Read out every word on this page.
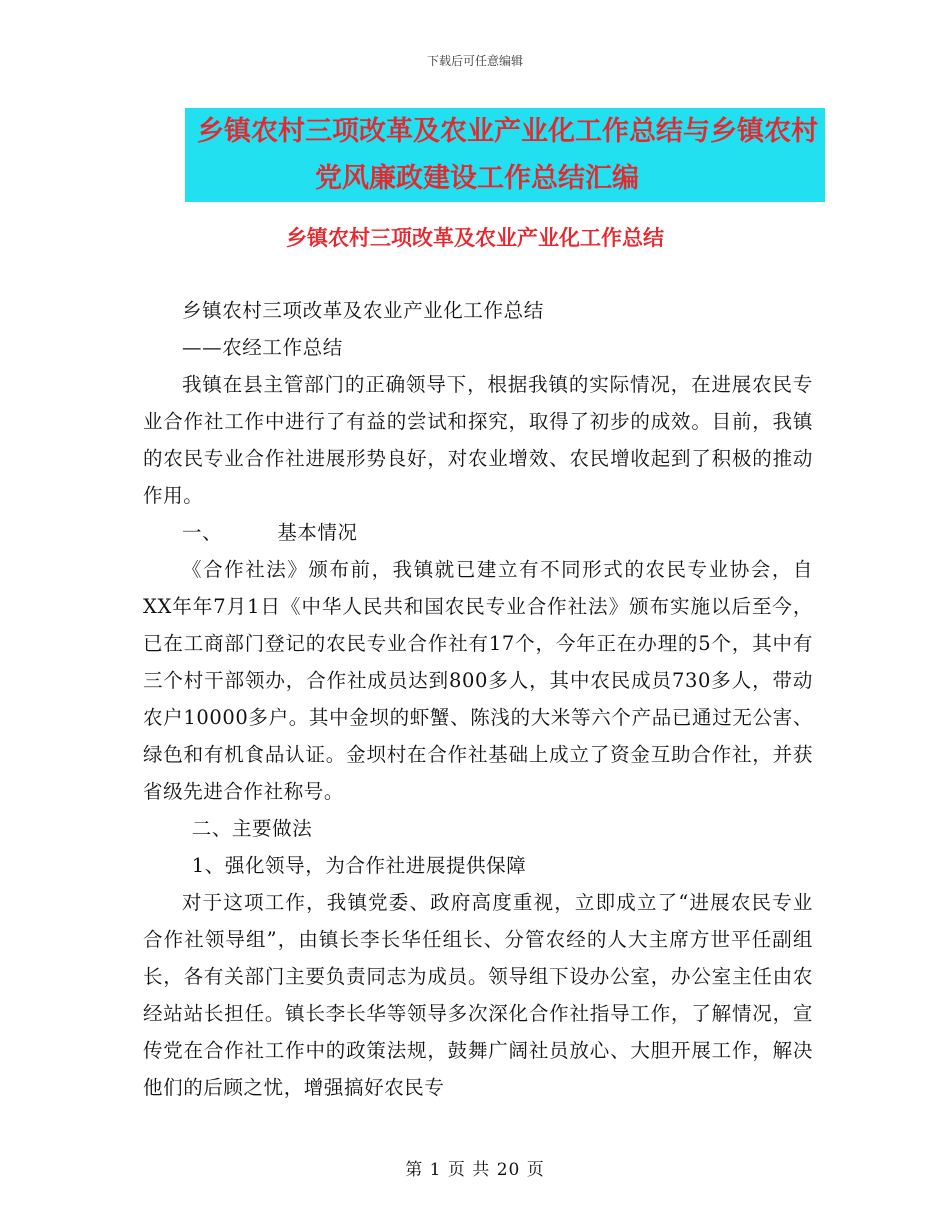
下载后可任意编辑
乡镇农村三项改革及农业产业化工作总结与乡镇农村
党风廉政建设工作总结汇编
乡镇农村三项改革及农业产业化工作总结

乡镇农村三项改革及农业产业化工作总结

——农经工作总结

我镇在县主管部门的正确领导下，根据我镇的实际情况，在进展农民专业合作社工作中进行了有益的尝试和探究，取得了初步的成效。目前，我镇的农民专业合作社进展形势良好，对农业增效、农民增收起到了积极的推动作用。

一、	基本情况

《合作社法》颁布前，我镇就已建立有不同形式的农民专业协会，自XX年年7月1日《中华人民共和国农民专业合作社法》颁布实施以后至今，已在工商部门登记的农民专业合作社有17个，今年正在办理的5个，其中有三个村干部领办，合作社成员达到800多人，其中农民成员730多人，带动农户10000多户。其中金坝的虾蟹、陈浅的大米等六个产品已通过无公害、绿色和有机食品认证。金坝村在合作社基础上成立了资金互助合作社，并获省级先进合作社称号。

二、主要做法

1、强化领导，为合作社进展提供保障

对于这项工作，我镇党委、政府高度重视，立即成立了“进展农民专业合作社领导组”，由镇长李长华任组长、分管农经的人大主席方世平任副组长，各有关部门主要负责同志为成员。领导组下设办公室，办公室主任由农经站站长担任。镇长李长华等领导多次深化合作社指导工作，了解情况，宣传党在合作社工作中的政策法规，鼓舞广阔社员放心、大胆开展工作，解决他们的后顾之忧，增强搞好农民专

第 1 页 共 20 页
